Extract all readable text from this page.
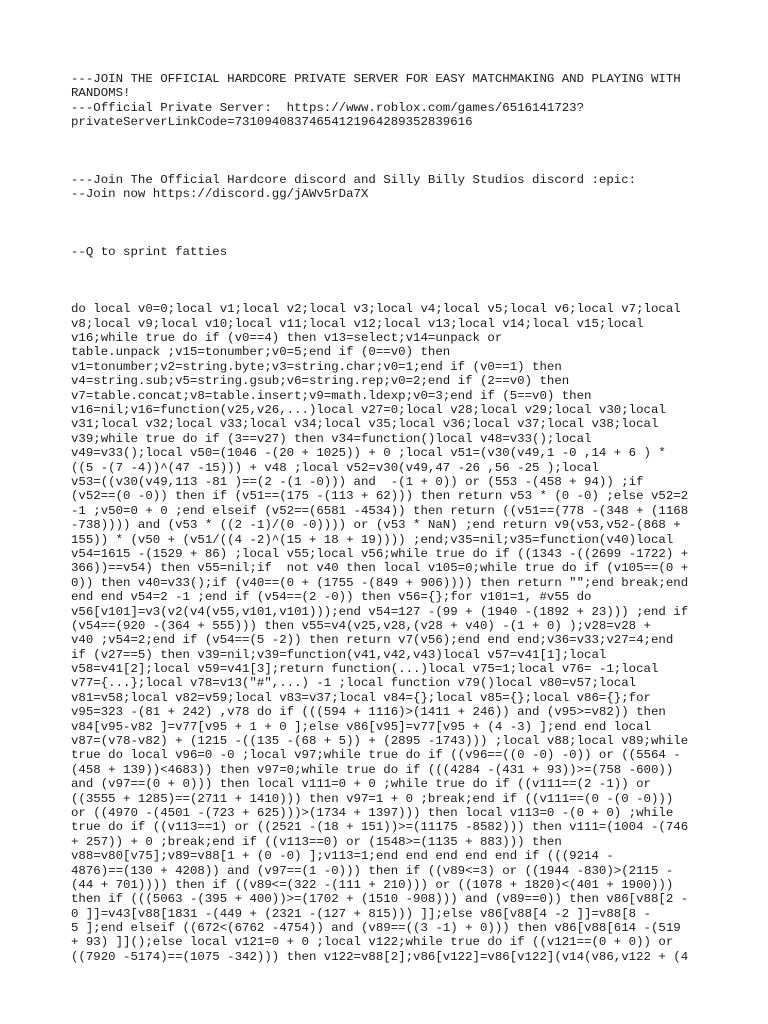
---JOIN THE OFFICIAL HARDCORE PRIVATE SERVER FOR EASY MATCHMAKING AND PLAYING WITH
RANDOMS!
---Official Private Server:  https://www.roblox.com/games/6516141723?
privateServerLinkCode=73109408374654121964289352839616
---Join The Official Hardcore discord and Silly Billy Studios discord :epic:
--Join now https://discord.gg/jAWv5rDa7X
--Q to sprint fatties
do local v0=0;local v1;local v2;local v3;local v4;local v5;local v6;local v7;local
v8;local v9;local v10;local v11;local v12;local v13;local v14;local v15;local
v16;while true do if (v0==4) then v13=select;v14=unpack or
table.unpack ;v15=tonumber;v0=5;end if (0==v0) then
v1=tonumber;v2=string.byte;v3=string.char;v0=1;end if (v0==1) then
v4=string.sub;v5=string.gsub;v6=string.rep;v0=2;end if (2==v0) then
v7=table.concat;v8=table.insert;v9=math.ldexp;v0=3;end if (5==v0) then
v16=nil;v16=function(v25,v26,...)local v27=0;local v28;local v29;local v30;local
v31;local v32;local v33;local v34;local v35;local v36;local v37;local v38;local
v39;while true do if (3==v27) then v34=function()local v48=v33();local
v49=v33();local v50=(1046 -(20 + 1025)) + 0 ;local v51=(v30(v49,1 -0 ,14 + 6 ) *
((5 -(7 -4))^(47 -15))) + v48 ;local v52=v30(v49,47 -26 ,56 -25 );local
v53=((v30(v49,113 -81 )==(2 -(1 -0))) and  -(1 + 0)) or (553 -(458 + 94)) ;if
(v52==(0 -0)) then if (v51==(175 -(113 + 62))) then return v53 * (0 -0) ;else v52=2
-1 ;v50=0 + 0 ;end elseif (v52==(6581 -4534)) then return ((v51==(778 -(348 + (1168
-738)))) and (v53 * ((2 -1)/(0 -0)))) or (v53 * NaN) ;end return v9(v53,v52-(868 +
155)) * (v50 + (v51/((4 -2)^(15 + 18 + 19)))) ;end;v35=nil;v35=function(v40)local
v54=1615 -(1529 + 86) ;local v55;local v56;while true do if ((1343 -((2699 -1722) +
366))==v54) then v55=nil;if  not v40 then local v105=0;while true do if (v105==(0 +
0)) then v40=v33();if (v40==(0 + (1755 -(849 + 906)))) then return "";end break;end
end end v54=2 -1 ;end if (v54==(2 -0)) then v56={};for v101=1, #v55 do
v56[v101]=v3(v2(v4(v55,v101,v101)));end v54=127 -(99 + (1940 -(1892 + 23))) ;end if
(v54==(920 -(364 + 555))) then v55=v4(v25,v28,(v28 + v40) -(1 + 0) );v28=v28 +
v40 ;v54=2;end if (v54==(5 -2)) then return v7(v56);end end end;v36=v33;v27=4;end
if (v27==5) then v39=nil;v39=function(v41,v42,v43)local v57=v41[1];local
v58=v41[2];local v59=v41[3];return function(...)local v75=1;local v76= -1;local
v77={...};local v78=v13("#",...) -1 ;local function v79()local v80=v57;local
v81=v58;local v82=v59;local v83=v37;local v84={};local v85={};local v86={};for
v95=323 -(81 + 242) ,v78 do if (((594 + 1116)>(1411 + 246)) and (v95>=v82)) then
v84[v95-v82 ]=v77[v95 + 1 + 0 ];else v86[v95]=v77[v95 + (4 -3) ];end end local
v87=(v78-v82) + (1215 -((135 -(68 + 5)) + (2895 -1743))) ;local v88;local v89;while
true do local v96=0 -0 ;local v97;while true do if ((v96==((0 -0) -0)) or ((5564 -
(458 + 139))<4683)) then v97=0;while true do if (((4284 -(431 + 93))>=(758 -600))
and (v97==(0 + 0))) then local v111=0 + 0 ;while true do if ((v111==(2 -1)) or
((3555 + 1285)==(2711 + 1410))) then v97=1 + 0 ;break;end if ((v111==(0 -(0 -0)))
or ((4970 -(4501 -(723 + 625)))>(1734 + 1397))) then local v113=0 -(0 + 0) ;while
true do if ((v113==1) or ((2521 -(18 + 151))>=(11175 -8582))) then v111=(1004 -(746
+ 257)) + 0 ;break;end if ((v113==0) or (1548>=(1135 + 883))) then
v88=v80[v75];v89=v88[1 + (0 -0) ];v113=1;end end end end end if (((9214 -
4876)==(130 + 4208)) and (v97==(1 -0))) then if ((v89<=3) or ((1944 -830)>(2115 -
(44 + 701)))) then if ((v89<=(322 -(111 + 210))) or ((1078 + 1820)<(401 + 1900)))
then if (((5063 -(395 + 400))>=(1702 + (1510 -908))) and (v89==0)) then v86[v88[2 -
0 ]]=v43[v88[1831 -(449 + (2321 -(127 + 815))) ]];else v86[v88[4 -2 ]]=v88[8 -
5 ];end elseif ((672<(6762 -4754)) and (v89==((3 -1) + 0))) then v86[v88[614 -(519
+ 93) ]]();else local v121=0 + 0 ;local v122;while true do if ((v121==(0 + 0)) or
((7920 -5174)==(1075 -342))) then v122=v88[2];v86[v122]=v86[v122](v14(v86,v122 + (4
